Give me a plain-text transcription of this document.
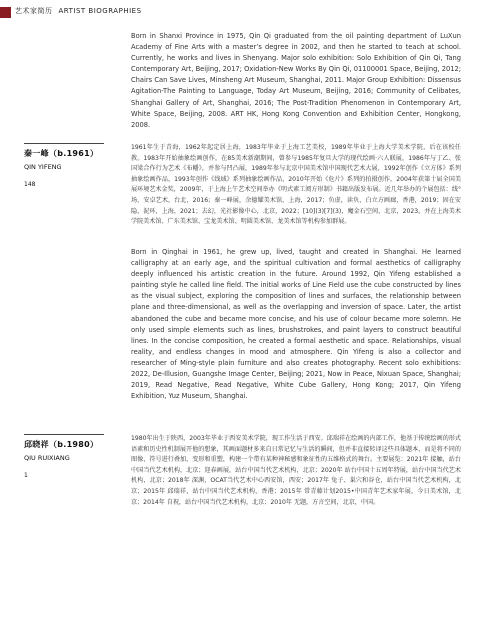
艺术家简历 ARTIST BIOGRAPHIES

Born in Shanxi Province in 1975, Qin Qi graduated from the oil painting department of LuXun Academy of Fine Arts with a master’s degree in 2002, and then he started to teach at school. Currently, he works and lives in Shenyang. Major solo exhibition: Solo Exhibition of Qin Qi, Tang Contemporary Art, Beijing, 2017; Oxidation-New Works By Qin Qi, 01100001 Space, Beijing, 2012; Chairs Can Save Lives, Minsheng Art Museum, Shanghai, 2011. Major Group Exhibition: Dissensus Agitation-The Painting to Language, Today Art Museum, Beijing, 2016; Community of Celibates, Shanghai Gallery of Art, Shanghai, 2016; The Post-Tradition Phenomenon in Contemporary Art, White Space, Beijing, 2008. ART HK, Hong Kong Convention and Exhibition Center, Hongkong, 2008.

秦一峰（b.1961）
QIN YIFENG
148

1961年生于青海，1962年起定居上海，1983年毕业于上海工艺美校，1989年毕业于上海大学美术学院，后在该校任教。1983年开始抽象绘画创作，在85美术新潮期间，曾参与1985年复旦大学的现代绘画·六人联展，1986年与丁乙、张国梁合作行为艺术《布幡》，并参与凹凸展，1989年参与北京中国美术馆中国现代艺术大展，1992年创作《立方体》系列抽象绘画作品，1993年创作《线域》系列抽象绘画作品，2010年开始《危片》系列的拍摄创作，2004年获第十届全国美展环境艺术金奖，2009年，于上海上午艺术空间举办《明式素工阅方形制》书籍出版发布展。近几年举办的个展包括：线°场，安卓艺术，台北，2016；秦一峰展，余德耀美术馆，上海，2017；负虚，读负，白立方画廊，香港，2019；固在安隐，泥环，上海，2021；去幻，光社影像中心，北京，2022；[10](3)[7](3)，魔金石空间，北京，2023。并在上海美术学院美术馆、广东美术馆、宝龙美术馆、明圆美术馆、龙美术馆等机构参加群展。

Born in Qinghai in 1961, he grew up, lived, taught and created in Shanghai. He learned calligraphy at an early age, and the spiritual cultivation and formal aesthetics of calligraphy deeply influenced his artistic creation in the future. Around 1992, Qin Yifeng established a painting style he called line field. The initial works of Line Field use the cube constructed by lines as the visual subject, exploring the composition of lines and surfaces, the relationship between plane and three-dimensional, as well as the overlapping and inversion of space. Later, the artist abandoned the cube and became more concise, and his use of colour became more solemn. He only used simple elements such as lines, brushstrokes, and paint layers to construct beautiful lines. In the concise composition, he created a formal aesthetic and space. Relationships, visual reality, and endless changes in mood and atmosphere. Qin Yifeng is also a collector and researcher of Ming-style plain furniture and also creates photography. Recent solo exhibitions: 2022, De-Illusion, Guangshe Image Center, Beijing; 2021, Now in Peace, Nixuan Space, Shanghai; 2019, Read Negative, Read Negative, White Cube Gallery, Hong Kong; 2017, Qin Yifeng Exhibition, Yuz Museum, Shanghai.

邱晓祥（b.1980）
QIU RUIXIANG
1

1980年出生于陕西，2003年毕业于西安美术学院，现工作生活于西安。邱瑞祥在绘画的内部工作，他基于传统绘画的形式语素和历史性机制展开他的想象，其画面题材多来自日常记忆与生活的瞬间，但并非直接转译这些具体题本，而是将不同的图像，符号进行叠加，变形和重塑，构建一个带有某种神秘感和象征性的五维格式的舞台。主要展览：2021年 接触，站台中国当代艺术机构，北京；迎春画展，站台中国当代艺术机构，北京；2020年 站台中国十五周年特展，站台中国当代艺术机构，北京；2018年 深渊，OCAT当代艺术中心西安馆，西安；2017年 兔子、巢穴和谷仓，站台中国当代艺术机构，北京；2015年 邱瑞祥，站台中国当代艺术机构，香港；2015年 常青藤计划2015•中国青年艺术家年展，今日美术馆，北京；2014年 自祝，站台中国当代艺术机构，北京；2010年 无题，方言空间，北京，中国。
